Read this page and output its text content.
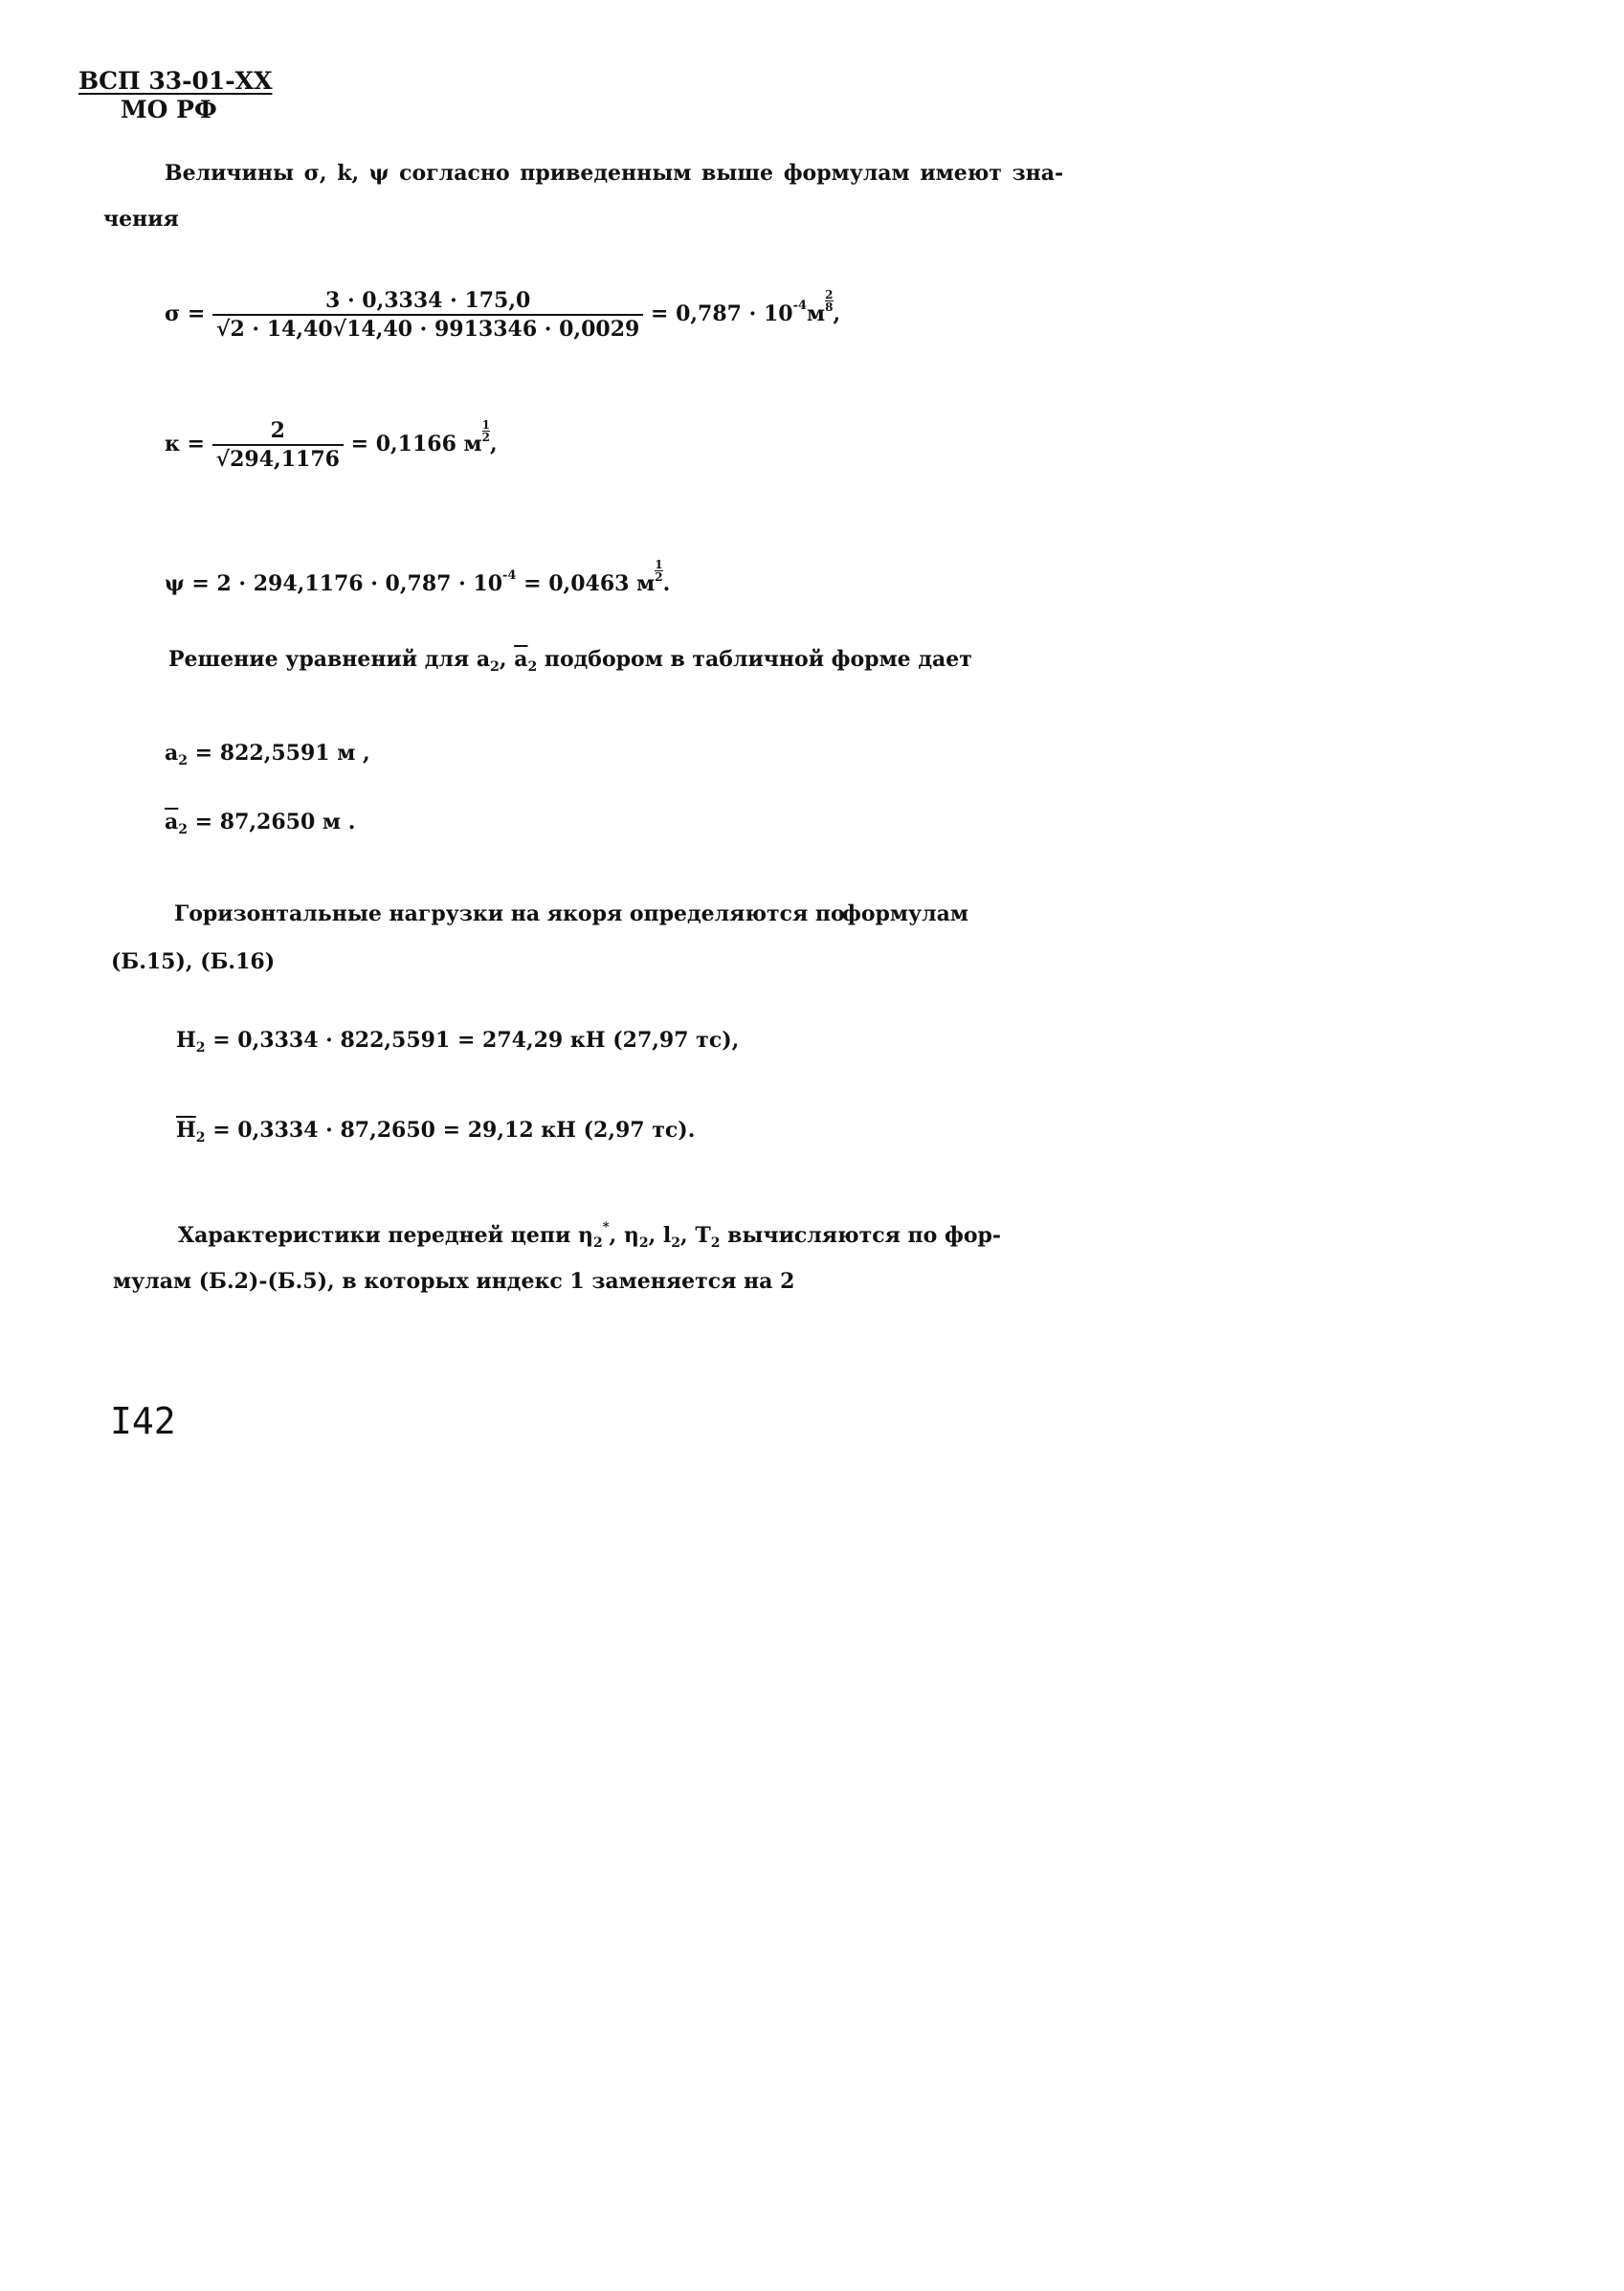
ВСП 33-01-ХХ
МО РФ
Величины σ, k, ψ согласно приведенным выше формулам имеют зна-
чения
$\sigma = \frac{3 \cdot 0,3334 \cdot 175,0}{√2 \cdot 14,40√14,40 \cdot 9913346 \cdot 0,0029} = 0,787 \cdot 10^{-4}м$
$\frac{2}{8}$
,
$к = \frac{2}{√294,1176} = 0,1166$ м
$\frac{1}{2}$
,
$\psi = 2 \cdot 294,1176 \cdot 0,787 \cdot 10^{-4} = 0,0463$ м
$\frac{1}{2}$
.
Решение уравнений для $a_2$, $\overline{a}_2$ подбором в табличной форме дает
$a_2 = 822,5591$ м ,
$\overline{a}_2 = 87,2650$ м .
Горизонтальные нагрузки на якоря определяются по
формулам
(Б.15), (Б.16)
$H_2 = 0,3334 \cdot 822,5591 = 274,29$ кН (27,97 тс),
$\overline{H}_2 = 0,3334 \cdot 87,2650 = 29,12$ кН (2,97 тс).
Характеристики передней цепи $\eta_2^*$, $\eta_2$, $l_2$, $T_2$ вычисляются по фор-
мулам (Б.2)-(Б.5), в которых индекс 1 заменяется на 2
I42
